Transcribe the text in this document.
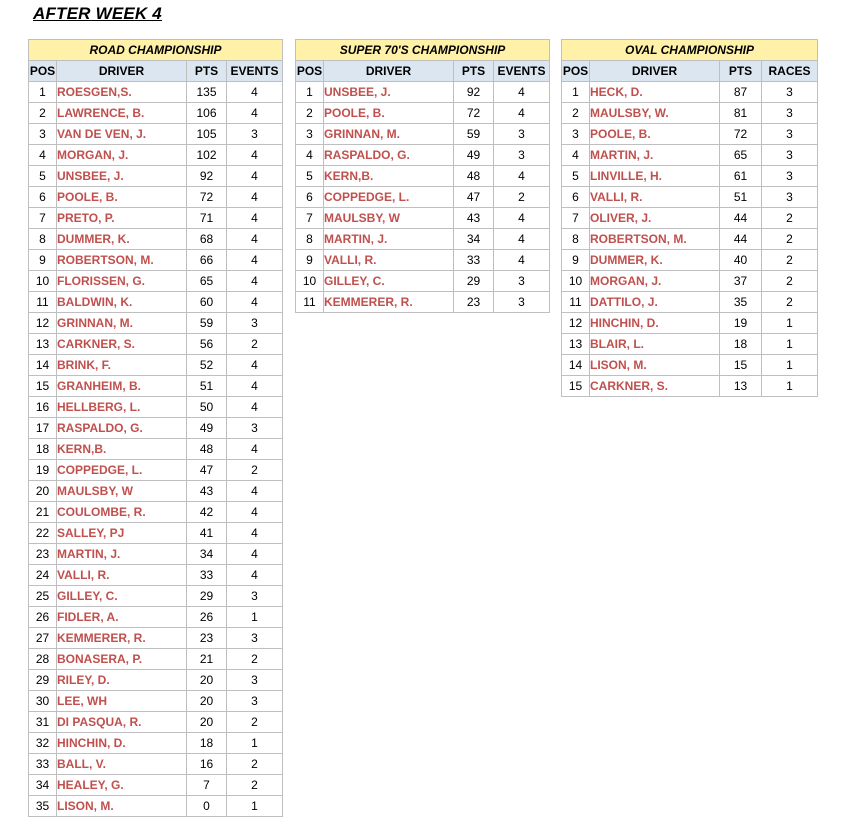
AFTER WEEK 4
ROAD CHAMPIONSHIP			
POS	DRIVER	PTS	EVENTS
1	ROESGEN,S.	135	4
2	LAWRENCE, B.	106	4
3	VAN DE VEN, J.	105	3
4	MORGAN, J.	102	4
5	UNSBEE, J.	92	4
6	POOLE, B.	72	4
7	PRETO, P.	71	4
8	DUMMER, K.	68	4
9	ROBERTSON, M.	66	4
10	FLORISSEN, G.	65	4
11	BALDWIN, K.	60	4
12	GRINNAN, M.	59	3
13	CARKNER, S.	56	2
14	BRINK, F.	52	4
15	GRANHEIM, B.	51	4
16	HELLBERG, L.	50	4
17	RASPALDO, G.	49	3
18	KERN,B.	48	4
19	COPPEDGE, L.	47	2
20	MAULSBY, W	43	4
21	COULOMBE, R.	42	4
22	SALLEY, PJ	41	4
23	MARTIN, J.	34	4
24	VALLI, R.	33	4
25	GILLEY, C.	29	3
26	FIDLER, A.	26	1
27	KEMMERER, R.	23	3
28	BONASERA, P.	21	2
29	RILEY, D.	20	3
30	LEE, WH	20	3
31	DI PASQUA, R.	20	2
32	HINCHIN, D.	18	1
33	BALL, V.	16	2
34	HEALEY, G.	7	2
35	LISON, M.	0	1
SUPER 70'S CHAMPIONSHIP			
POS	DRIVER	PTS	EVENTS
1	UNSBEE, J.	92	4
2	POOLE, B.	72	4
3	GRINNAN, M.	59	3
4	RASPALDO, G.	49	3
5	KERN,B.	48	4
6	COPPEDGE, L.	47	2
7	MAULSBY, W	43	4
8	MARTIN, J.	34	4
9	VALLI, R.	33	4
10	GILLEY, C.	29	3
11	KEMMERER, R.	23	3
OVAL CHAMPIONSHIP			
POS	DRIVER	PTS	RACES
1	HECK, D.	87	3
2	MAULSBY, W.	81	3
3	POOLE, B.	72	3
4	MARTIN, J.	65	3
5	LINVILLE, H.	61	3
6	VALLI, R.	51	3
7	OLIVER, J.	44	2
8	ROBERTSON, M.	44	2
9	DUMMER, K.	40	2
10	MORGAN, J.	37	2
11	DATTILO, J.	35	2
12	HINCHIN, D.	19	1
13	BLAIR, L.	18	1
14	LISON, M.	15	1
15	CARKNER, S.	13	1
